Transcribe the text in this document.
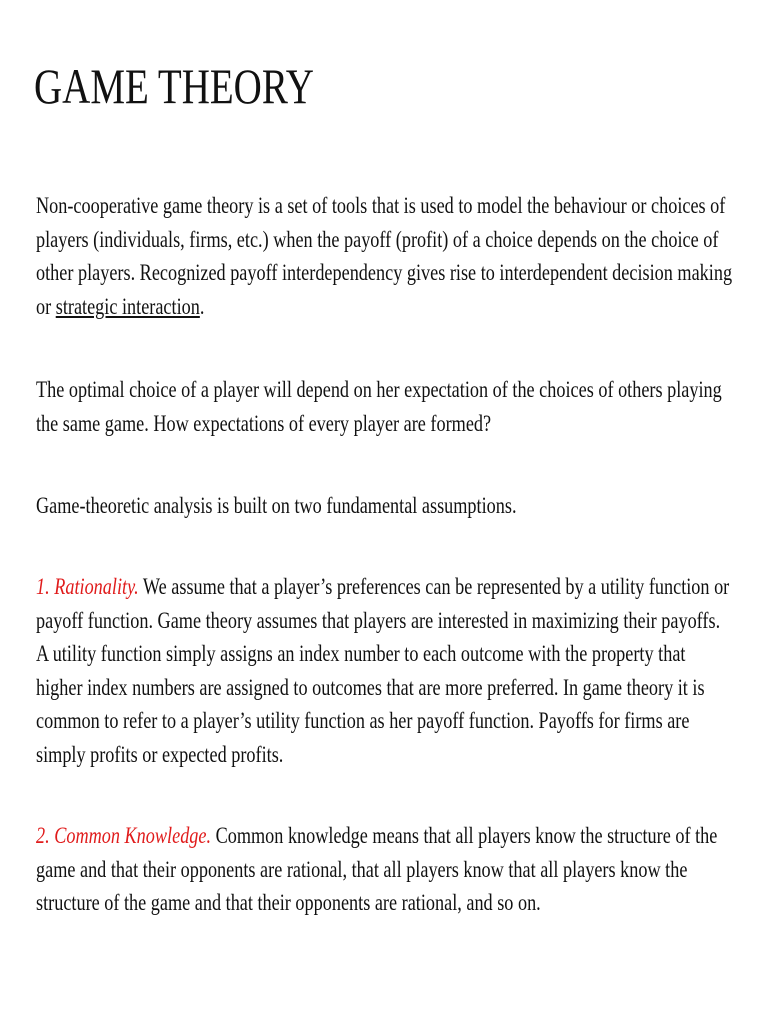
GAME THEORY

Non-cooperative game theory is a set of tools that is used to model the behaviour or choices of players (individuals, firms, etc.) when the payoff (profit) of a choice depends on the choice of other players. Recognized payoff interdependency gives rise to interdependent decision making or strategic interaction.

The optimal choice of a player will depend on her expectation of the choices of others playing the same game. How expectations of every player are formed?

Game-theoretic analysis is built on two fundamental assumptions.

1. Rationality. We assume that a player’s preferences can be represented by a utility function or payoff function. Game theory assumes that players are interested in maximizing their payoffs. A utility function simply assigns an index number to each outcome with the property that higher index numbers are assigned to outcomes that are more preferred. In game theory it is common to refer to a player’s utility function as her payoff function. Payoffs for firms are simply profits or expected profits.

2. Common Knowledge. Common knowledge means that all players know the structure of the game and that their opponents are rational, that all players know that all players know the structure of the game and that their opponents are rational, and so on.
